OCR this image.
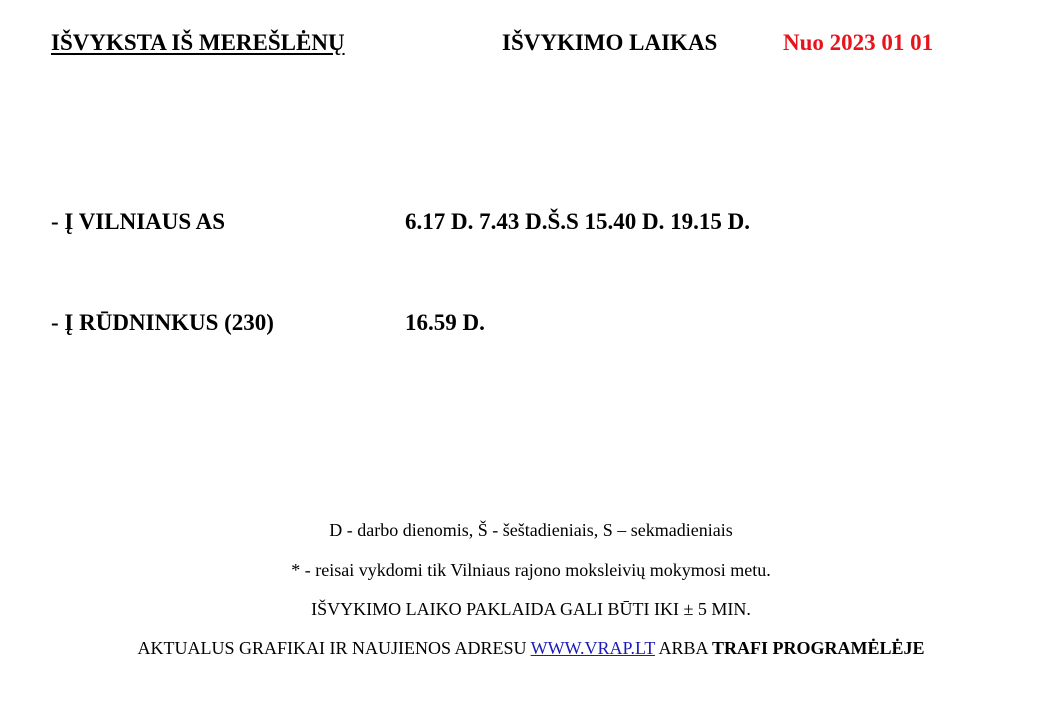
IŠVYKSTA IŠ MEREŠLĖNŲ	IŠVYKIMO LAIKAS	Nuo 2023 01 01
- Į VILNIAUS AS	6.17 D. 7.43 D.Š.S 15.40 D. 19.15 D.
- Į RŪDNINKUS (230)	16.59 D.
D - darbo dienomis, Š - šeštadieniais, S – sekmadieniais
* - reisai vykdomi tik Vilniaus rajono moksleivių mokymosi metu.
IŠVYKIMO LAIKO PAKLAIDA GALI BŪTI IKI ± 5 MIN.
AKTUALUS GRAFIKAI IR NAUJIENOS ADRESU WWW.VRAP.LT ARBA TRAFI PROGRAMĖLĖJE
